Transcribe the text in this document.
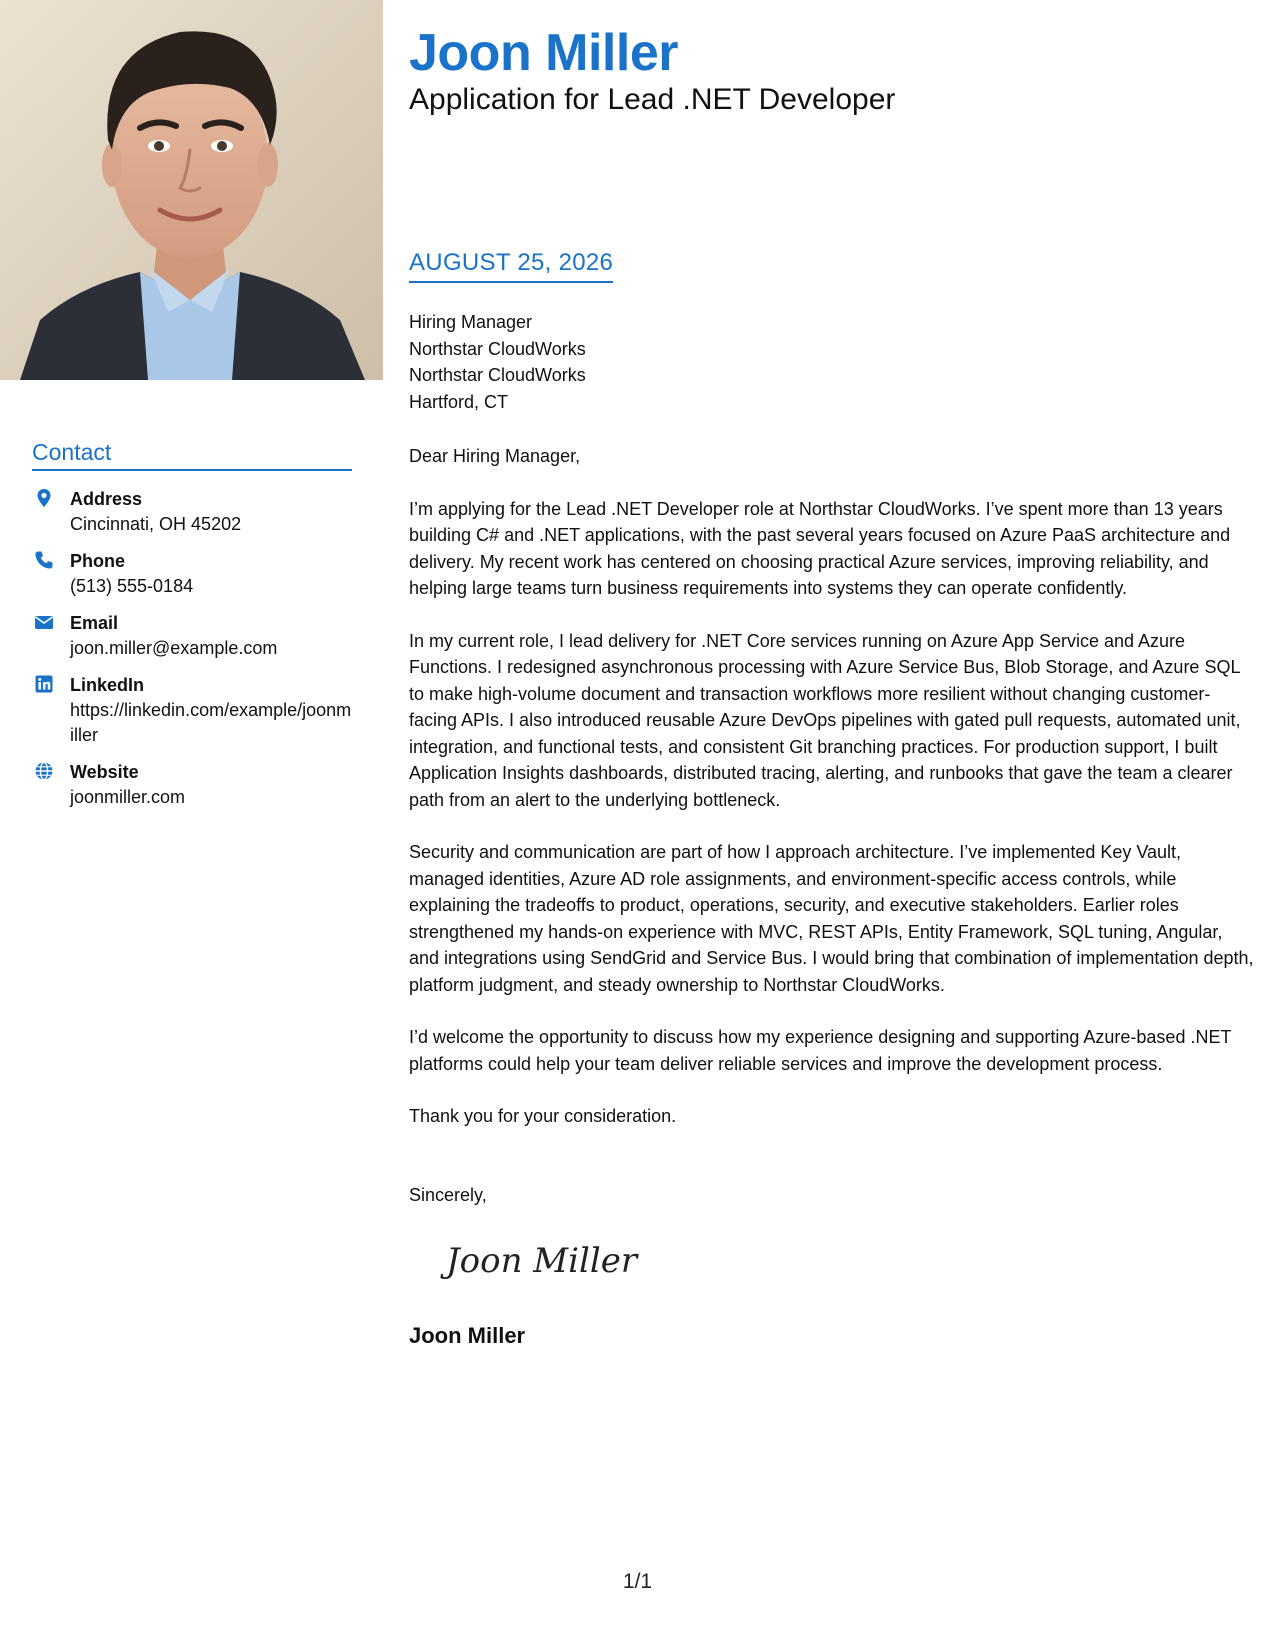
Contact
Address
Cincinnati, OH 45202
Phone
(513) 555-0184
Email
joon.miller@example.com
LinkedIn
https://linkedin.com/example/joonmiller
Website
joonmiller.com
Joon Miller
Application for Lead .NET Developer
AUGUST 25, 2026
Hiring Manager
Northstar CloudWorks
Northstar CloudWorks
Hartford, CT
Dear Hiring Manager,

I’m applying for the Lead .NET Developer role at Northstar CloudWorks. I’ve spent more than 13 years building C# and .NET applications, with the past several years focused on Azure PaaS architecture and delivery. My recent work has centered on choosing practical Azure services, improving reliability, and helping large teams turn business requirements into systems they can operate confidently.

In my current role, I lead delivery for .NET Core services running on Azure App Service and Azure Functions. I redesigned asynchronous processing with Azure Service Bus, Blob Storage, and Azure SQL to make high-volume document and transaction workflows more resilient without changing customer-facing APIs. I also introduced reusable Azure DevOps pipelines with gated pull requests, automated unit, integration, and functional tests, and consistent Git branching practices. For production support, I built Application Insights dashboards, distributed tracing, alerting, and runbooks that gave the team a clearer path from an alert to the underlying bottleneck.

Security and communication are part of how I approach architecture. I’ve implemented Key Vault, managed identities, Azure AD role assignments, and environment-specific access controls, while explaining the tradeoffs to product, operations, security, and executive stakeholders. Earlier roles strengthened my hands-on experience with MVC, REST APIs, Entity Framework, SQL tuning, Angular, and integrations using SendGrid and Service Bus. I would bring that combination of implementation depth, platform judgment, and steady ownership to Northstar CloudWorks.

I’d welcome the opportunity to discuss how my experience designing and supporting Azure-based .NET platforms could help your team deliver reliable services and improve the development process.

Thank you for your consideration.

Sincerely,
Joon Miller
Joon Miller
1/1
